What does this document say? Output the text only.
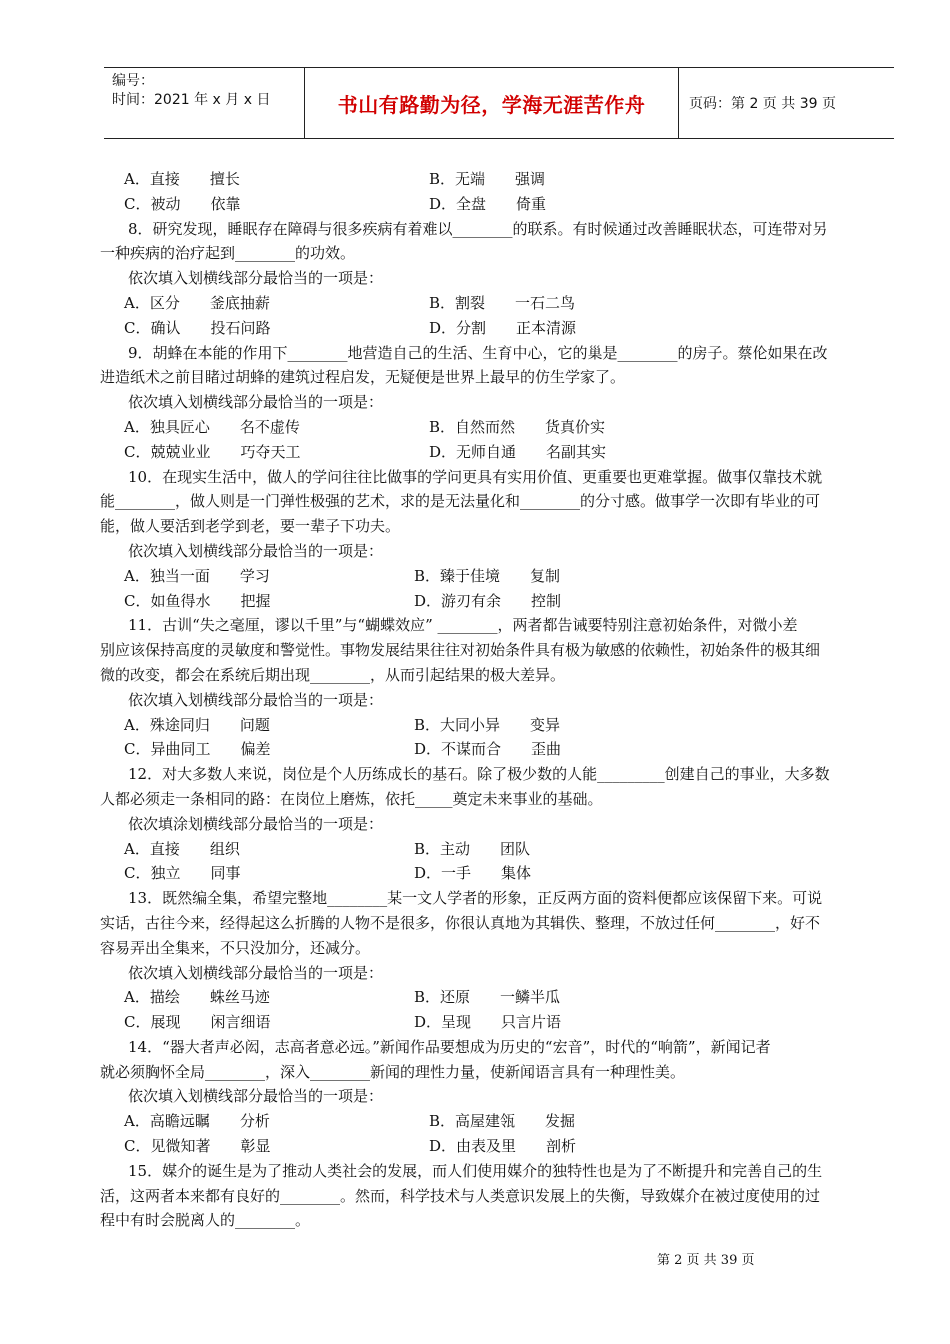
编号：
时间：2021 年 x 月 x 日	书山有路勤为径，学海无涯苦作舟	页码：第 2 页 共 39 页
A．直接　　擅长	B．无端　　强调
C．被动　　依靠	D．全盘　　倚重
8．研究发现，睡眠存在障碍与很多疾病有着难以________的联系。有时候通过改善睡眠状态，可连带对另
一种疾病的治疗起到________的功效。
依次填入划横线部分最恰当的一项是：
A．区分　　釜底抽薪	B．割裂　　一石二鸟
C．确认　　投石问路	D．分割　　正本清源
9．胡蜂在本能的作用下________地营造自己的生活、生育中心，它的巢是________的房子。蔡伦如果在改
进造纸术之前目睹过胡蜂的建筑过程启发，无疑便是世界上最早的仿生学家了。
依次填入划横线部分最恰当的一项是：
A．独具匠心　　名不虚传	B．自然而然　　货真价实
C．兢兢业业　　巧夺天工	D．无师自通　　名副其实
10．在现实生活中，做人的学问往往比做事的学问更具有实用价值、更重要也更难掌握。做事仅靠技术就
能________，做人则是一门弹性极强的艺术，求的是无法量化和________的分寸感。做事学一次即有毕业的可
能，做人要活到老学到老，要一辈子下功夫。
依次填入划横线部分最恰当的一项是：
A．独当一面　　学习	B．臻于佳境　　复制
C．如鱼得水　　把握	D．游刃有余　　控制
11．古训“失之毫厘，谬以千里”与“蝴蝶效应” ________，两者都告诫要特别注意初始条件，对微小差
别应该保持高度的灵敏度和警觉性。事物发展结果往往对初始条件具有极为敏感的依赖性，初始条件的极其细
微的改变，都会在系统后期出现________，从而引起结果的极大差异。
依次填入划横线部分最恰当的一项是：
A．殊途同归　　问题	B．大同小异　　变异
C．异曲同工　　偏差	D．不谋而合　　歪曲
12．对大多数人来说，岗位是个人历练成长的基石。除了极少数的人能_________创建自己的事业，大多数
人都必须走一条相同的路：在岗位上磨炼，依托_____奠定未来事业的基础。
依次填涂划横线部分最恰当的一项是：
A．直接　　组织	B．主动　　团队
C．独立　　同事	D．一手　　集体
13．既然编全集，希望完整地________某一文人学者的形象，正反两方面的资料便都应该保留下来。可说
实话，古往今来，经得起这么折腾的人物不是很多，你很认真地为其辑佚、整理，不放过任何________，好不
容易弄出全集来，不只没加分，还减分。
依次填入划横线部分最恰当的一项是：
A．描绘　　蛛丝马迹	B．还原　　一鳞半瓜
C．展现　　闲言细语	D．呈现　　只言片语
14．“器大者声必闳，志高者意必远。”新闻作品要想成为历史的“宏音”，时代的“响箭”，新闻记者
就必须胸怀全局________，深入________新闻的理性力量，使新闻语言具有一种理性美。
依次填入划横线部分最恰当的一项是：
A．高瞻远瞩　　分析	B．高屋建瓴　　发掘
C．见微知著　　彰显	D．由表及里　　剖析
15．媒介的诞生是为了推动人类社会的发展，而人们使用媒介的独特性也是为了不断提升和完善自己的生
活，这两者本来都有良好的________。然而，科学技术与人类意识发展上的失衡，导致媒介在被过度使用的过
程中有时会脱离人的________。
第 2 页 共 39 页
